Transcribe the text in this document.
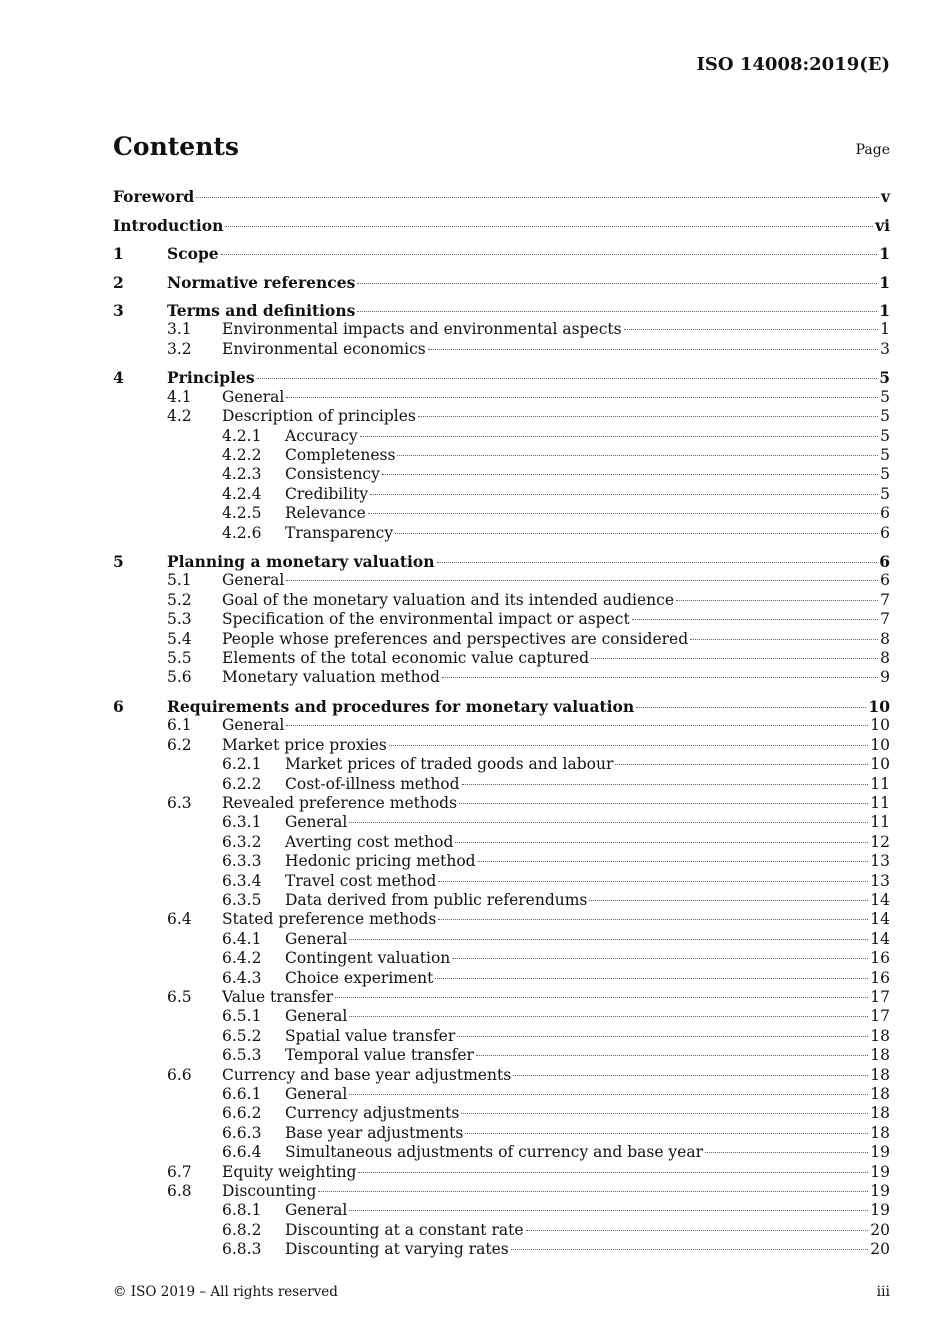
ISO 14008:2019(E)
Contents	Page
Foreword	v
Introduction	vi
1	Scope	1
2	Normative references	1
3	Terms and definitions	1
3.1 Environmental impacts and environmental aspects	1
3.2 Environmental economics	3
4	Principles	5
4.1 General	5
4.2 Description of principles	5
4.2.1 Accuracy	5
4.2.2 Completeness	5
4.2.3 Consistency	5
4.2.4 Credibility	5
4.2.5 Relevance	6
4.2.6 Transparency	6
5	Planning a monetary valuation	6
5.1 General	6
5.2 Goal of the monetary valuation and its intended audience	7
5.3 Specification of the environmental impact or aspect	7
5.4 People whose preferences and perspectives are considered	8
5.5 Elements of the total economic value captured	8
5.6 Monetary valuation method	9
6	Requirements and procedures for monetary valuation	10
6.1 General	10
6.2 Market price proxies	10
6.2.1 Market prices of traded goods and labour	10
6.2.2 Cost-of-illness method	11
6.3 Revealed preference methods	11
6.3.1 General	11
6.3.2 Averting cost method	12
6.3.3 Hedonic pricing method	13
6.3.4 Travel cost method	13
6.3.5 Data derived from public referendums	14
6.4 Stated preference methods	14
6.4.1 General	14
6.4.2 Contingent valuation	16
6.4.3 Choice experiment	16
6.5 Value transfer	17
6.5.1 General	17
6.5.2 Spatial value transfer	18
6.5.3 Temporal value transfer	18
6.6 Currency and base year adjustments	18
6.6.1 General	18
6.6.2 Currency adjustments	18
6.6.3 Base year adjustments	18
6.6.4 Simultaneous adjustments of currency and base year	19
6.7 Equity weighting	19
6.8 Discounting	19
6.8.1 General	19
6.8.2 Discounting at a constant rate	20
6.8.3 Discounting at varying rates	20
© ISO 2019 – All rights reserved	iii
